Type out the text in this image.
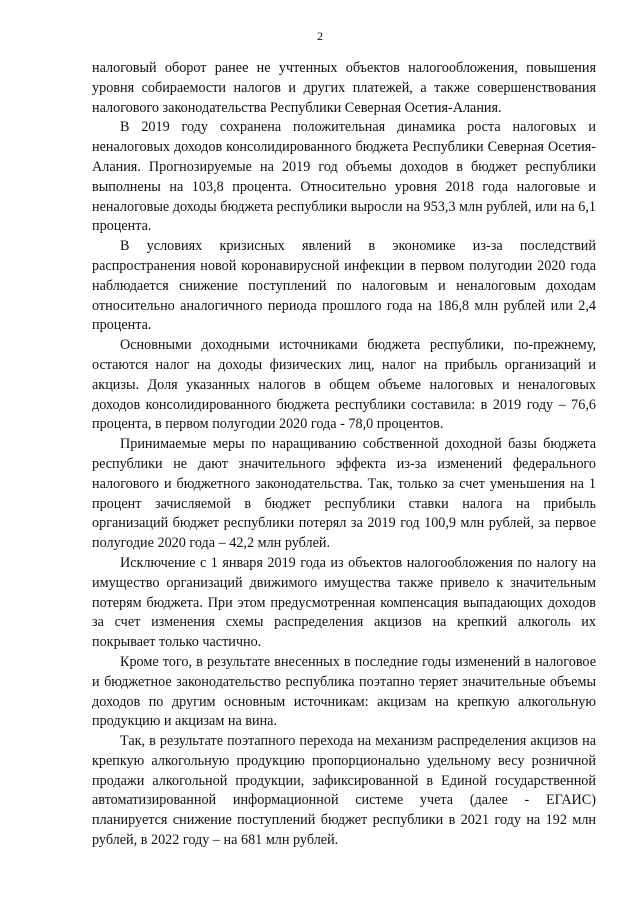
2

налоговый оборот ранее не учтенных объектов налогообложения, повышения уровня собираемости налогов и других платежей, а также совершенствования налогового законодательства Республики Северная Осетия-Алания.

В 2019 году сохранена положительная динамика роста налоговых и неналоговых доходов консолидированного бюджета Республики Северная Осетия-Алания. Прогнозируемые на 2019 год объемы доходов в бюджет республики выполнены на 103,8 процента. Относительно уровня 2018 года налоговые и неналоговые доходы бюджета республики выросли на 953,3 млн рублей, или на 6,1 процента.

В условиях кризисных явлений в экономике из-за последствий распространения новой коронавирусной инфекции в первом полугодии 2020 года наблюдается снижение поступлений по налоговым и неналоговым доходам относительно аналогичного периода прошлого года на 186,8 млн рублей или 2,4 процента.

Основными доходными источниками бюджета республики, по-прежнему, остаются налог на доходы физических лиц, налог на прибыль организаций и акцизы. Доля указанных налогов в общем объеме налоговых и неналоговых доходов консолидированного бюджета республики составила: в 2019 году – 76,6 процента, в первом полугодии 2020 года - 78,0 процентов.

Принимаемые меры по наращиванию собственной доходной базы бюджета республики не дают значительного эффекта из-за изменений федерального налогового и бюджетного законодательства. Так, только за счет уменьшения на 1 процент зачисляемой в бюджет республики ставки налога на прибыль организаций бюджет республики потерял за 2019 год 100,9 млн рублей, за первое полугодие 2020 года – 42,2 млн рублей.

Исключение с 1 января 2019 года из объектов налогообложения по налогу на имущество организаций движимого имущества также привело к значительным потерям бюджета. При этом предусмотренная компенсация выпадающих доходов за счет изменения схемы распределения акцизов на крепкий алкоголь их покрывает только частично.

Кроме того, в результате внесенных в последние годы изменений в налоговое и бюджетное законодательство республика поэтапно теряет значительные объемы доходов по другим основным источникам: акцизам на крепкую алкогольную продукцию и акцизам на вина.

Так, в результате поэтапного перехода на механизм распределения акцизов на крепкую алкогольную продукцию пропорционально удельному весу розничной продажи алкогольной продукции, зафиксированной в Единой государственной автоматизированной информационной системе учета (далее - ЕГАИС) планируется снижение поступлений бюджет республики в 2021 году на 192 млн рублей, в 2022 году – на 681 млн рублей.
